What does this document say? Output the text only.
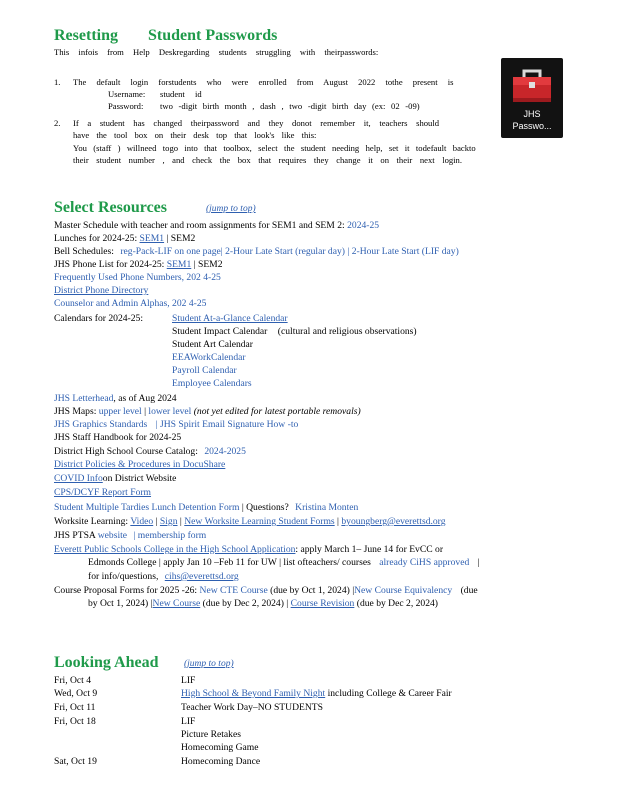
Resetting Student Passwords
This infois from Help Deskregarding students struggling with theirpasswords:
1. The default login forstudents who were enrolled from August 2022 tothe present is
Username: student id
Password: two -digit birth month , dash , two -digit birth day (ex: 02 -09)
2. If a student has changed theirpassword and they donot remember it, teachers should
have the tool box on their desk top that look's like this:
You (staff ) willneed togo into that toolbox, select the student needing help, set it todefault backto
their student number , and check the box that requires they change it on their next login.
JHS
Passwo...
Select Resources	(jump to top)
Master Schedule with teacher and room assignments for SEM1 and SEM 2: 2024-25
Lunches for 2024-25: SEM1 | SEM2
Bell Schedules: reg-Pack-LIF on one page| 2-Hour Late Start (regular day) | 2-Hour Late Start (LIF day)
JHS Phone List for 2024-25: SEM1 | SEM2
Frequently Used Phone Numbers, 202 4-25
District Phone Directory
Counselor and Admin Alphas, 202 4-25
Calendars for 2024-25:	Student At-a-Glance Calendar
Student Impact Calendar (cultural and religious observations)
Student Art Calendar
EEAWorkCalendar
Payroll Calendar
Employee Calendars
JHS Letterhead, as of Aug 2024
JHS Maps: upper level | lower level (not yet edited for latest portable removals)
JHS Graphics Standards | JHS Spirit Email Signature How -to
JHS Staff Handbook for 2024-25
District High School Course Catalog: 2024-2025
District Policies & Procedures in DocuShare
COVID Infoon District Website
CPS/DCYF Report Form
Student Multiple Tardies Lunch Detention Form | Questions? Kristina Monten
Worksite Learning: Video | Sign | New Worksite Learning Student Forms | byoungberg@everettsd.org
JHS PTSA website | membership form
Everett Public Schools College in the High School Application: apply March 1– June 14 for EvCC or
Edmonds College | apply Jan 10 –Feb 11 for UW | list ofteachers/ courses already CiHS approved |
for info/questions, cihs@everettsd.org
Course Proposal Forms for 2025 -26: New CTE Course (due by Oct 1, 2024) |New Course Equivalency (due
by Oct 1, 2024) |New Course (due by Dec 2, 2024) | Course Revision (due by Dec 2, 2024)
Looking Ahead	(jump to top)
Fri, Oct 4	LIF
Wed, Oct 9	High School & Beyond Family Night including College & Career Fair
Fri, Oct 11	Teacher Work Day–NO STUDENTS
Fri, Oct 18	LIF
Picture Retakes
Homecoming Game
Sat, Oct 19	Homecoming Dance
